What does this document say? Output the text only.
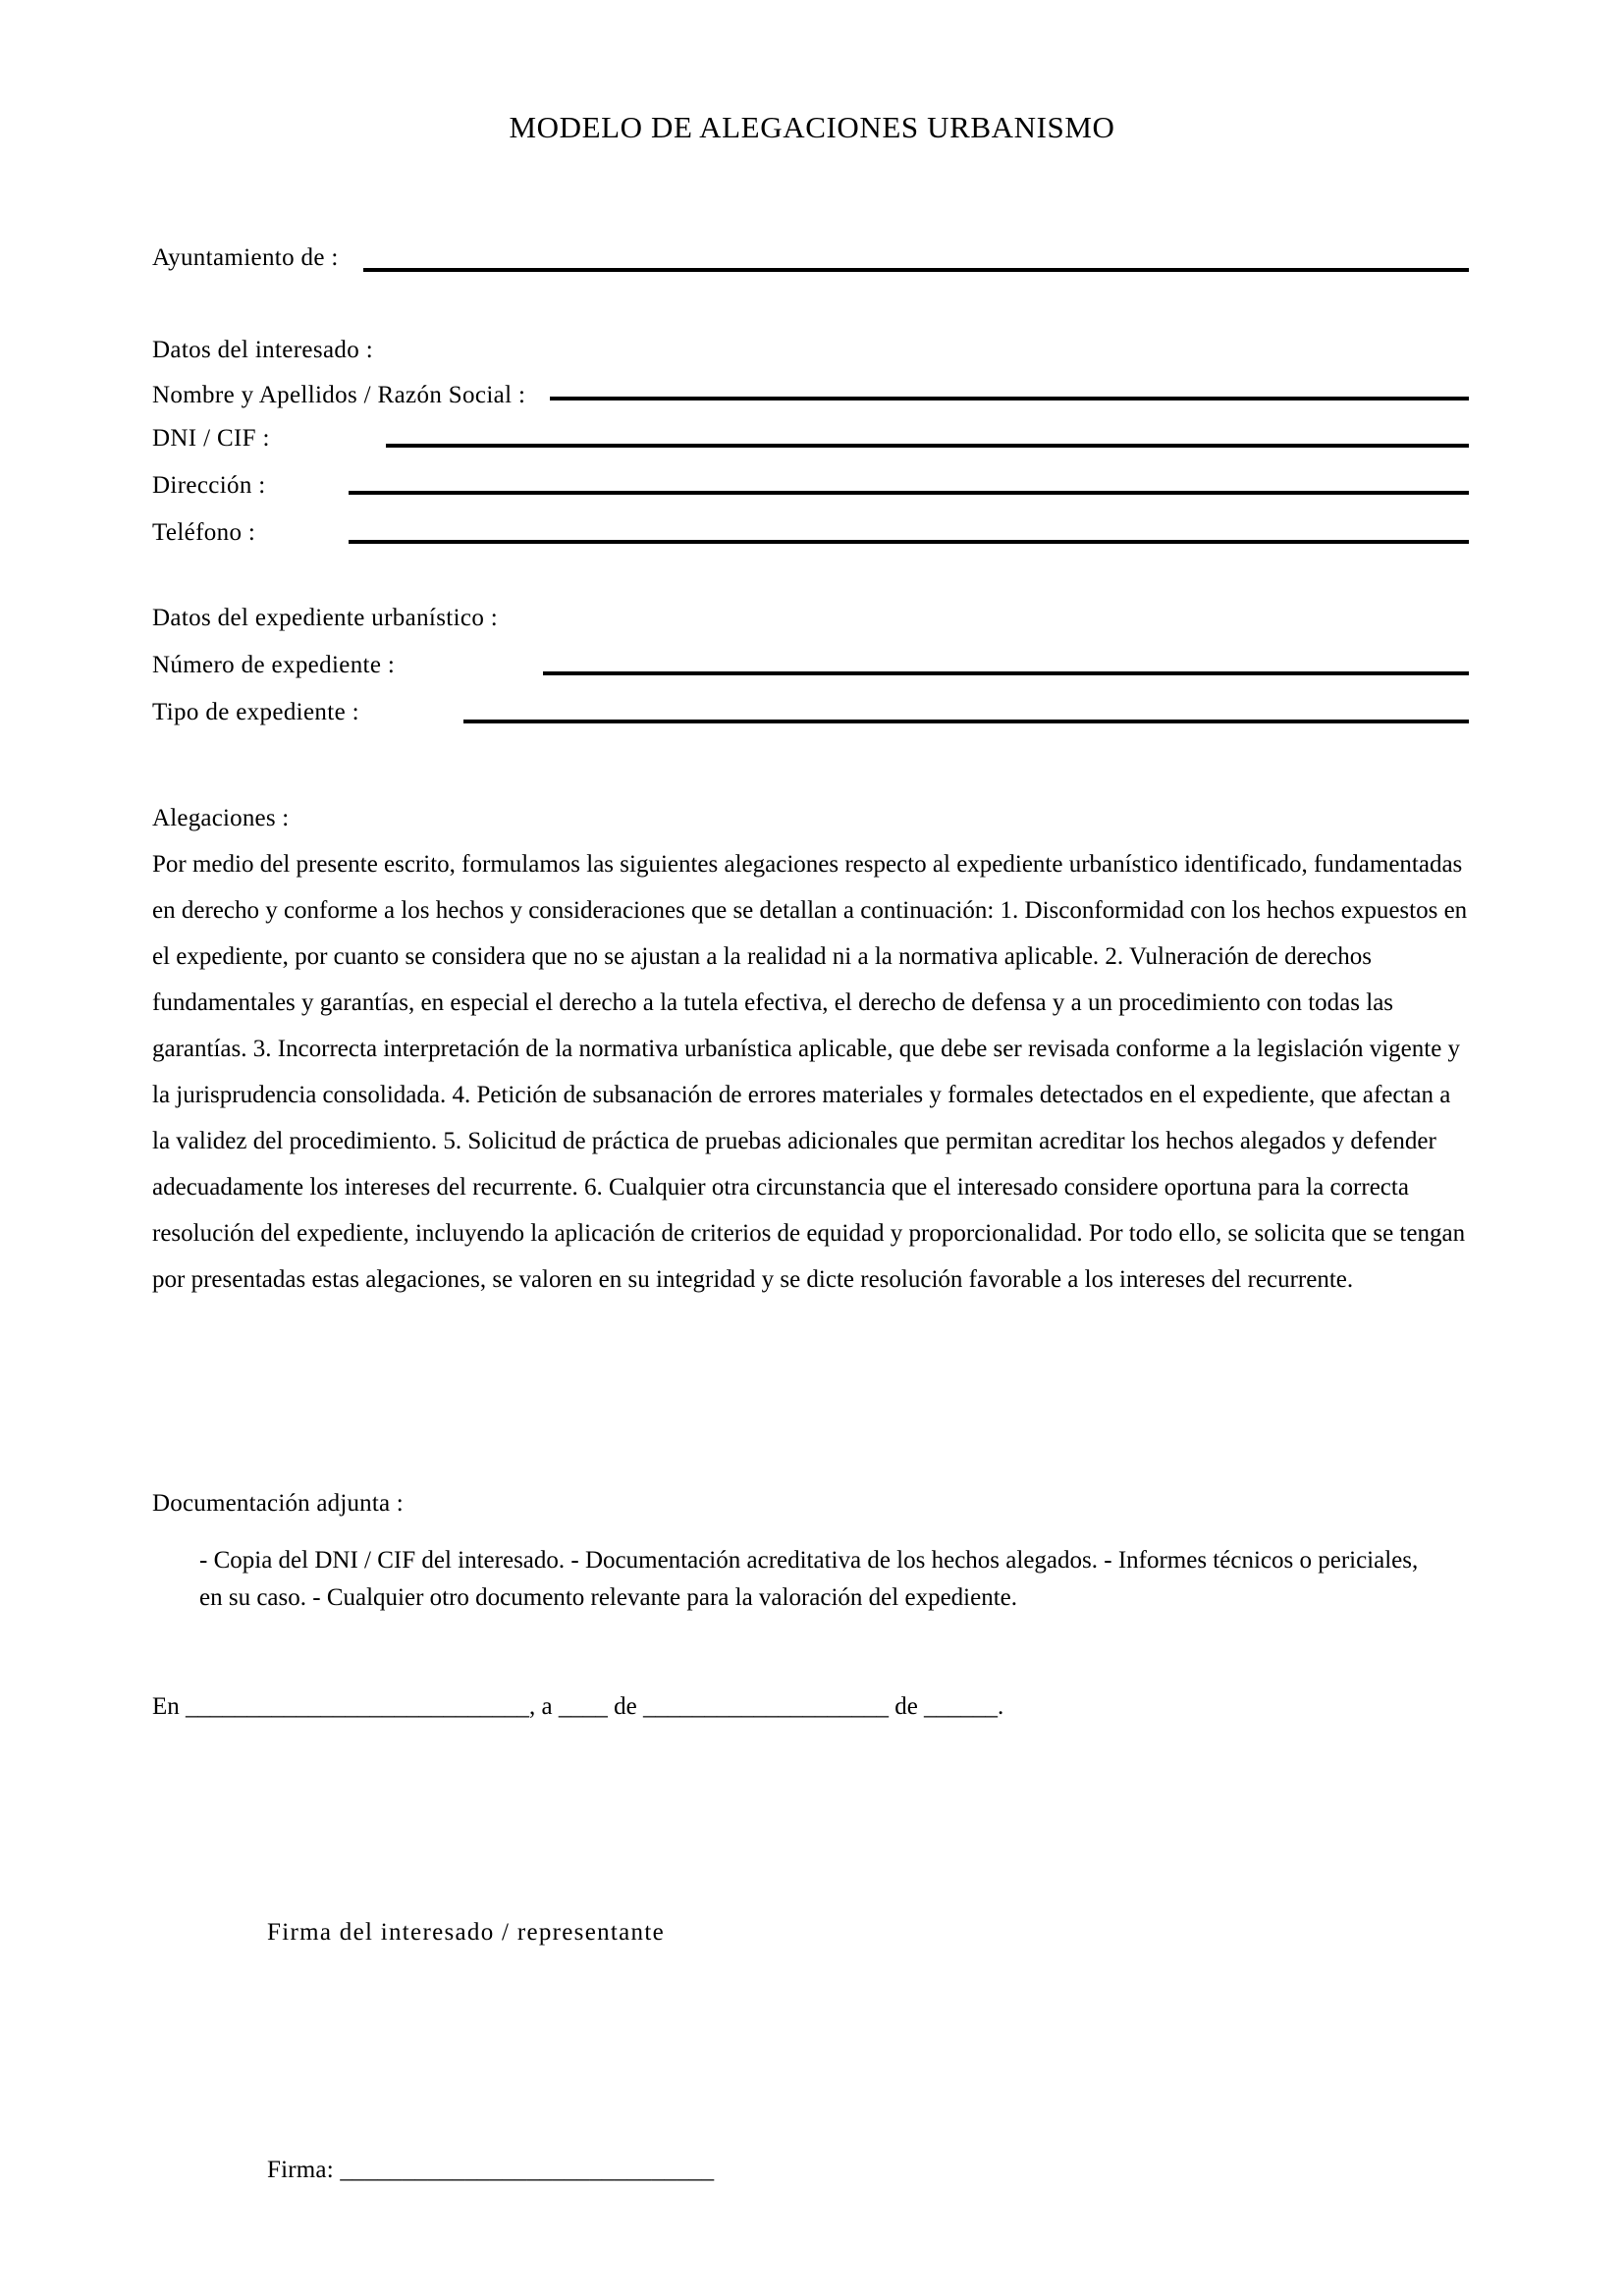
MODELO DE ALEGACIONES URBANISMO
Ayuntamiento de :
Datos del interesado :
Nombre y Apellidos / Razón Social :
DNI / CIF :
Dirección :
Teléfono :
Datos del expediente urbanístico :
Número de expediente :
Tipo de expediente :
Alegaciones :

Por medio del presente escrito, formulamos las siguientes alegaciones respecto al expediente urbanístico identificado, fundamentadas en derecho y conforme a los hechos y consideraciones que se detallan a continuación: 1. Disconformidad con los hechos expuestos en el expediente, por cuanto se considera que no se ajustan a la realidad ni a la normativa aplicable. 2. Vulneración de derechos fundamentales y garantías, en especial el derecho a la tutela efectiva, el derecho de defensa y a un procedimiento con todas las garantías. 3. Incorrecta interpretación de la normativa urbanística aplicable, que debe ser revisada conforme a la legislación vigente y la jurisprudencia consolidada. 4. Petición de subsanación de errores materiales y formales detectados en el expediente, que afectan a la validez del procedimiento. 5. Solicitud de práctica de pruebas adicionales que permitan acreditar los hechos alegados y defender adecuadamente los intereses del recurrente. 6. Cualquier otra circunstancia que el interesado considere oportuna para la correcta resolución del expediente, incluyendo la aplicación de criterios de equidad y proporcionalidad. Por todo ello, se solicita que se tengan por presentadas estas alegaciones, se valoren en su integridad y se dicte resolución favorable a los intereses del recurrente.

Documentación adjunta :
- Copia del DNI / CIF del interesado. - Documentación acreditativa de los hechos alegados. - Informes técnicos o periciales, en su caso. - Cualquier otro documento relevante para la valoración del expediente.
En ____________________________, a ____ de ____________________ de ______.
Firma del interesado / representante
Firma: ______________________________
